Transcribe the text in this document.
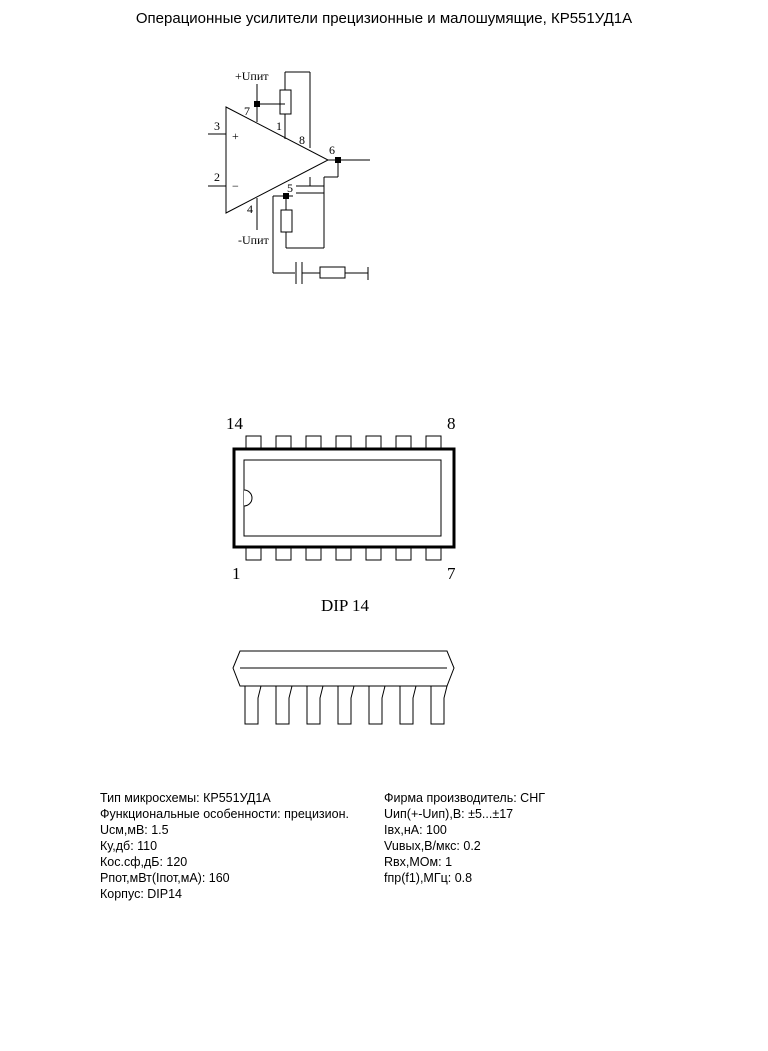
Операционные усилители прецизионные и малошумящие, КР551УД1А
+Uпит
-Uпит
7
1
8
6
5
4
3
2
+
−
14	8
1	7
DIP 14
Тип микросхемы: КР551УД1А
Функциональные особенности: прецизион.
Uсм,мВ: 1.5
Ку,дб: 110
Кос.сф,дБ: 120
Pпот,мВт(Iпот,мА): 160
Корпус: DIP14
Фирма производитель: СНГ
Uип(+-Uип),В: ±5...±17
Iвх,нА: 100
Vuвых,В/мкс: 0.2
Rвх,МОм: 1
fпр(f1),МГц: 0.8
